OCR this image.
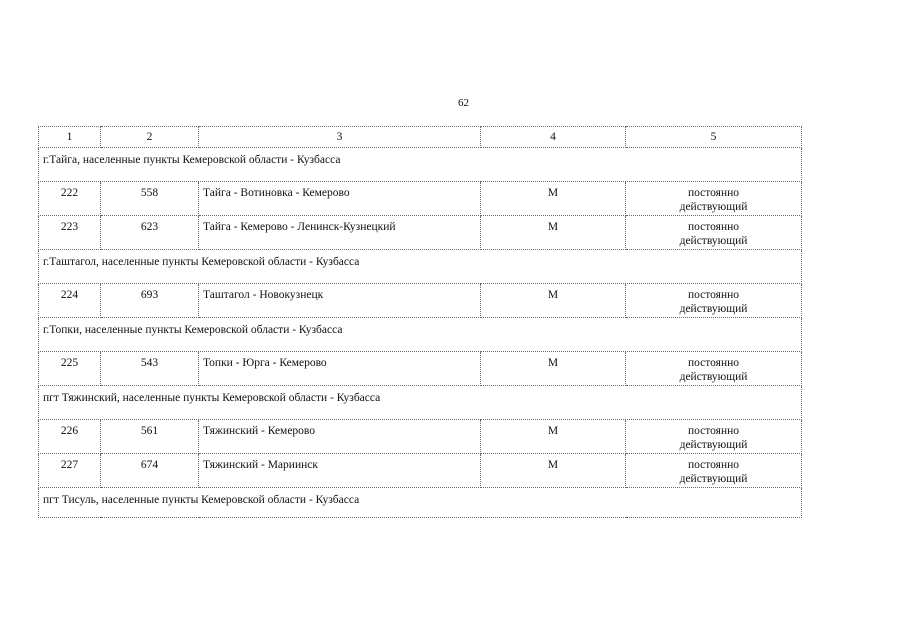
62
1	2	3	4	5
г.Тайга, населенные пункты Кемеровской области - Кузбасса				
222	558	Тайга - Вотиновка - Кемерово	М	постоянно
действующий

223	623	Тайга - Кемерово - Ленинск-Кузнецкий	М	постоянно
действующий

г.Таштагол, населенные пункты Кемеровской области - Кузбасса				
224	693	Таштагол - Новокузнецк	М	постоянно
действующий

г.Топки, населенные пункты Кемеровской области - Кузбасса				
225	543	Топки - Юрга - Кемерово	М	постоянно
действующий

пгт Тяжинский, населенные пункты Кемеровской области - Кузбасса				
226	561	Тяжинский - Кемерово	М	постоянно
действующий

227	674	Тяжинский - Мариинск	М	постоянно
действующий

пгт Тисуль, населенные пункты Кемеровской области - Кузбасса				
